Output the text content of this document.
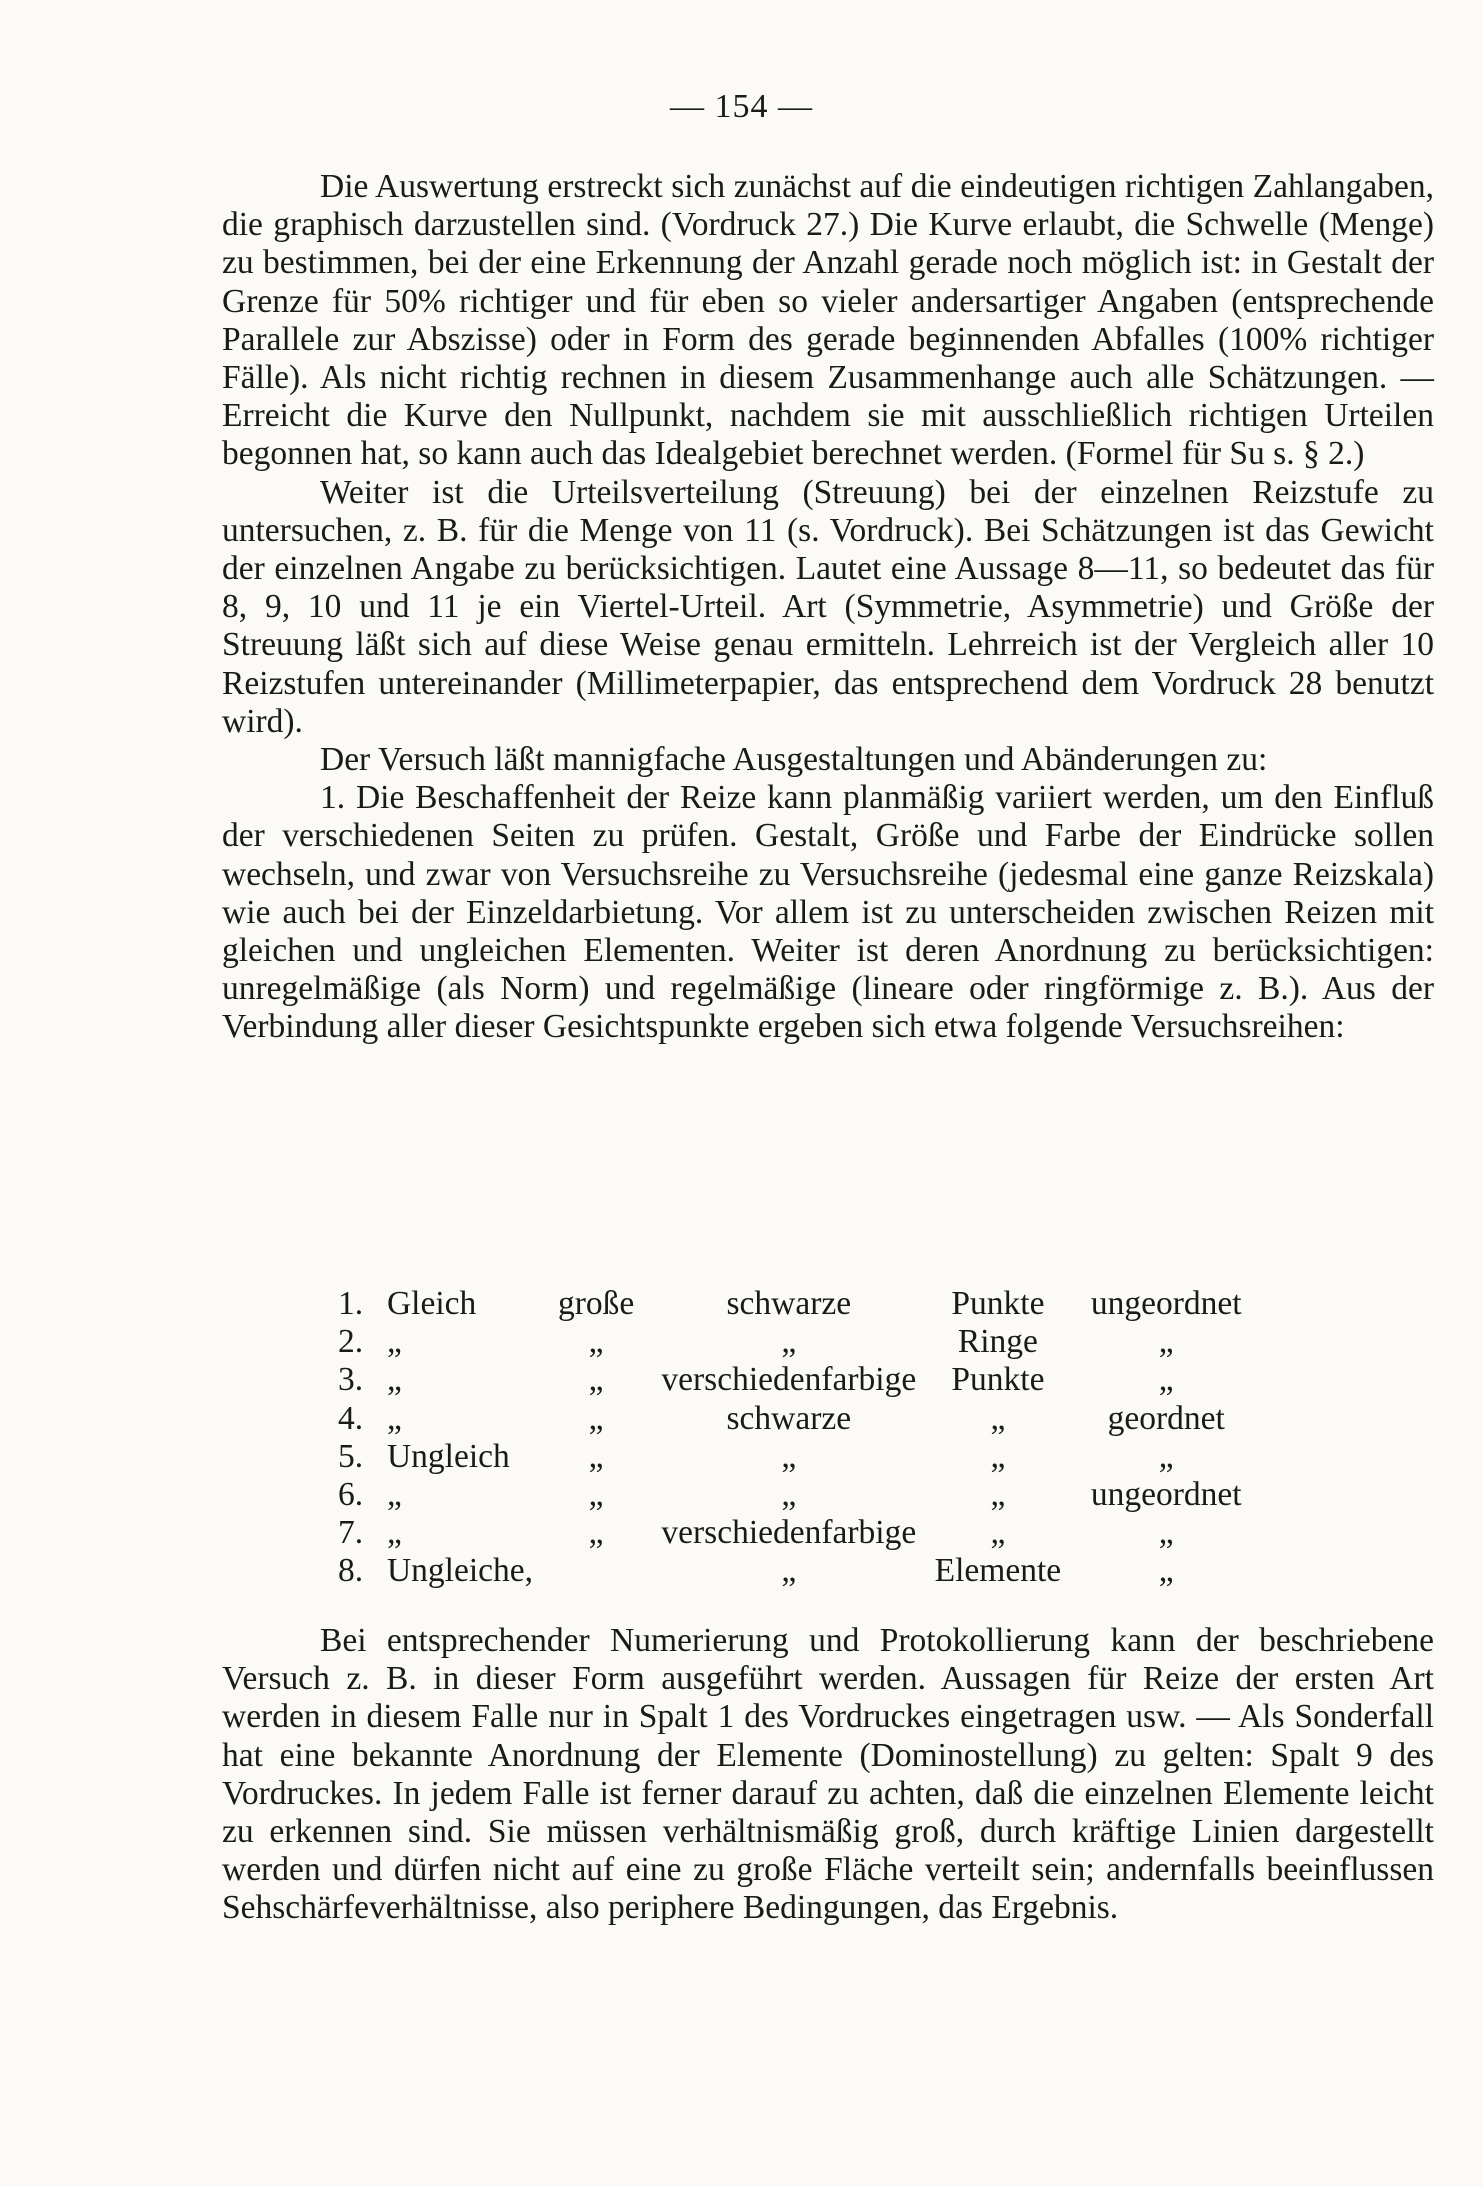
— 154 —

Die Auswertung erstreckt sich zunächst auf die eindeutigen richtigen Zahlangaben, die graphisch darzustellen sind. (Vordruck 27.) Die Kurve erlaubt, die Schwelle (Menge) zu bestimmen, bei der eine Erkennung der Anzahl gerade noch möglich ist: in Gestalt der Grenze für 50% richtiger und für eben so vieler andersartiger Angaben (entsprechende Parallele zur Abszisse) oder in Form des gerade beginnenden Abfalles (100% richtiger Fälle). Als nicht richtig rechnen in diesem Zusammenhange auch alle Schätzungen. — Erreicht die Kurve den Nullpunkt, nachdem sie mit ausschließlich richtigen Urteilen begonnen hat, so kann auch das Idealgebiet berechnet werden. (Formel für Su s. § 2.)

Weiter ist die Urteilsverteilung (Streuung) bei der einzelnen Reizstufe zu untersuchen, z. B. für die Menge von 11 (s. Vordruck). Bei Schätzungen ist das Gewicht der einzelnen Angabe zu berücksichtigen. Lautet eine Aussage 8—11, so bedeutet das für 8, 9, 10 und 11 je ein Viertel-Urteil. Art (Symmetrie, Asymmetrie) und Größe der Streuung läßt sich auf diese Weise genau ermitteln. Lehrreich ist der Vergleich aller 10 Reizstufen untereinander (Millimeterpapier, das entsprechend dem Vordruck 28 benutzt wird).

Der Versuch läßt mannigfache Ausgestaltungen und Abänderungen zu:

1. Die Beschaffenheit der Reize kann planmäßig variiert werden, um den Einfluß der verschiedenen Seiten zu prüfen. Gestalt, Größe und Farbe der Eindrücke sollen wechseln, und zwar von Versuchsreihe zu Versuchsreihe (jedesmal eine ganze Reizskala) wie auch bei der Einzeldarbietung. Vor allem ist zu unterscheiden zwischen Reizen mit gleichen und ungleichen Elementen. Weiter ist deren Anordnung zu berücksichtigen: unregelmäßige (als Norm) und regelmäßige (lineare oder ringförmige z. B.). Aus der Verbindung aller dieser Gesichtspunkte ergeben sich etwa folgende Versuchsreihen:

1.	Gleich	große	schwarze	Punkte	ungeordnet
2.	„	„	„	Ringe	„
3.	„	„	verschiedenfarbige	Punkte	„
4.	„	„	schwarze	„	geordnet
5.	Ungleich	„	„	„	„
6.	„	„	„	„	ungeordnet
7.	„	„	verschiedenfarbige	„	„
8.	Ungleiche,		„	Elemente	„

Bei entsprechender Numerierung und Protokollierung kann der beschriebene Versuch z. B. in dieser Form ausgeführt werden. Aussagen für Reize der ersten Art werden in diesem Falle nur in Spalt 1 des Vordruckes eingetragen usw. — Als Sonderfall hat eine bekannte Anordnung der Elemente (Dominostellung) zu gelten: Spalt 9 des Vordruckes. In jedem Falle ist ferner darauf zu achten, daß die einzelnen Elemente leicht zu erkennen sind. Sie müssen verhältnismäßig groß, durch kräftige Linien dargestellt werden und dürfen nicht auf eine zu große Fläche verteilt sein; andernfalls beeinflussen Sehschärfeverhältnisse, also periphere Bedingungen, das Ergebnis.
